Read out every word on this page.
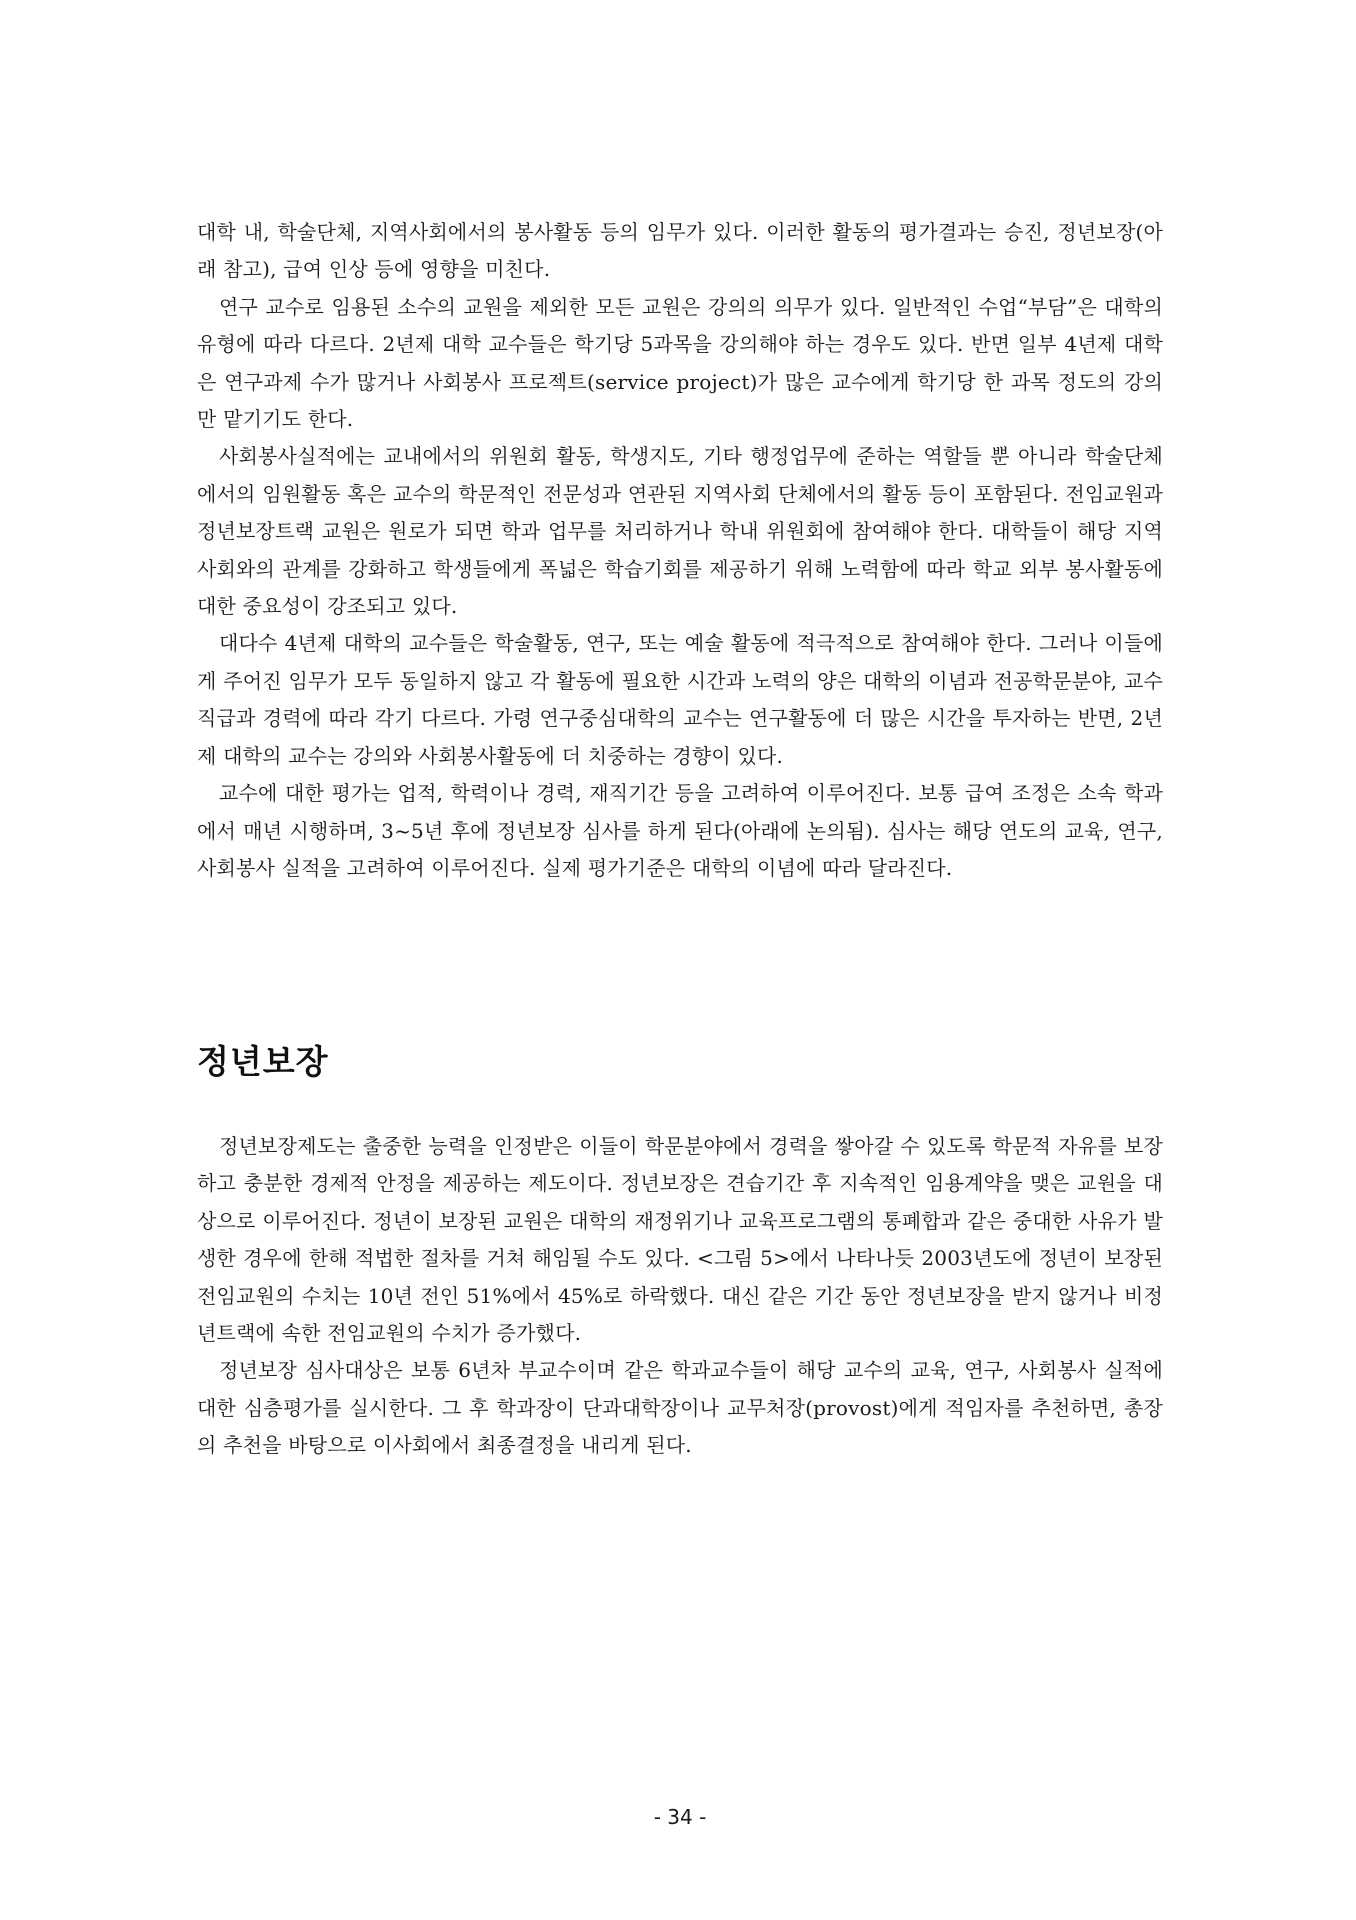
대학 내, 학술단체, 지역사회에서의 봉사활동 등의 임무가 있다. 이러한 활동의 평가결과는 승진, 정년보장(아래 참고), 급여 인상 등에 영향을 미친다.

연구 교수로 임용된 소수의 교원을 제외한 모든 교원은 강의의 의무가 있다. 일반적인 수업“부담”은 대학의 유형에 따라 다르다. 2년제 대학 교수들은 학기당 5과목을 강의해야 하는 경우도 있다. 반면 일부 4년제 대학은 연구과제 수가 많거나 사회봉사 프로젝트(service project)가 많은 교수에게 학기당 한 과목 정도의 강의만 맡기기도 한다.

사회봉사실적에는 교내에서의 위원회 활동, 학생지도, 기타 행정업무에 준하는 역할들 뿐 아니라 학술단체에서의 임원활동 혹은 교수의 학문적인 전문성과 연관된 지역사회 단체에서의 활동 등이 포함된다. 전임교원과 정년보장트랙 교원은 원로가 되면 학과 업무를 처리하거나 학내 위원회에 참여해야 한다. 대학들이 해당 지역사회와의 관계를 강화하고 학생들에게 폭넓은 학습기회를 제공하기 위해 노력함에 따라 학교 외부 봉사활동에 대한 중요성이 강조되고 있다.

대다수 4년제 대학의 교수들은 학술활동, 연구, 또는 예술 활동에 적극적으로 참여해야 한다. 그러나 이들에게 주어진 임무가 모두 동일하지 않고 각 활동에 필요한 시간과 노력의 양은 대학의 이념과 전공학문분야, 교수 직급과 경력에 따라 각기 다르다. 가령 연구중심대학의 교수는 연구활동에 더 많은 시간을 투자하는 반면, 2년제 대학의 교수는 강의와 사회봉사활동에 더 치중하는 경향이 있다.

교수에 대한 평가는 업적, 학력이나 경력, 재직기간 등을 고려하여 이루어진다. 보통 급여 조정은 소속 학과에서 매년 시행하며, 3~5년 후에 정년보장 심사를 하게 된다(아래에 논의됨). 심사는 해당 연도의 교육, 연구, 사회봉사 실적을 고려하여 이루어진다. 실제 평가기준은 대학의 이념에 따라 달라진다.

정년보장

정년보장제도는 출중한 능력을 인정받은 이들이 학문분야에서 경력을 쌓아갈 수 있도록 학문적 자유를 보장하고 충분한 경제적 안정을 제공하는 제도이다. 정년보장은 견습기간 후 지속적인 임용계약을 맺은 교원을 대상으로 이루어진다. 정년이 보장된 교원은 대학의 재정위기나 교육프로그램의 통폐합과 같은 중대한 사유가 발생한 경우에 한해 적법한 절차를 거쳐 해임될 수도 있다. <그림 5>에서 나타나듯 2003년도에 정년이 보장된 전임교원의 수치는 10년 전인 51%에서 45%로 하락했다. 대신 같은 기간 동안 정년보장을 받지 않거나 비정년트랙에 속한 전임교원의 수치가 증가했다.

정년보장 심사대상은 보통 6년차 부교수이며 같은 학과교수들이 해당 교수의 교육, 연구, 사회봉사 실적에 대한 심층평가를 실시한다. 그 후 학과장이 단과대학장이나 교무처장(provost)에게 적임자를 추천하면, 총장의 추천을 바탕으로 이사회에서 최종결정을 내리게 된다.

- 34 -
